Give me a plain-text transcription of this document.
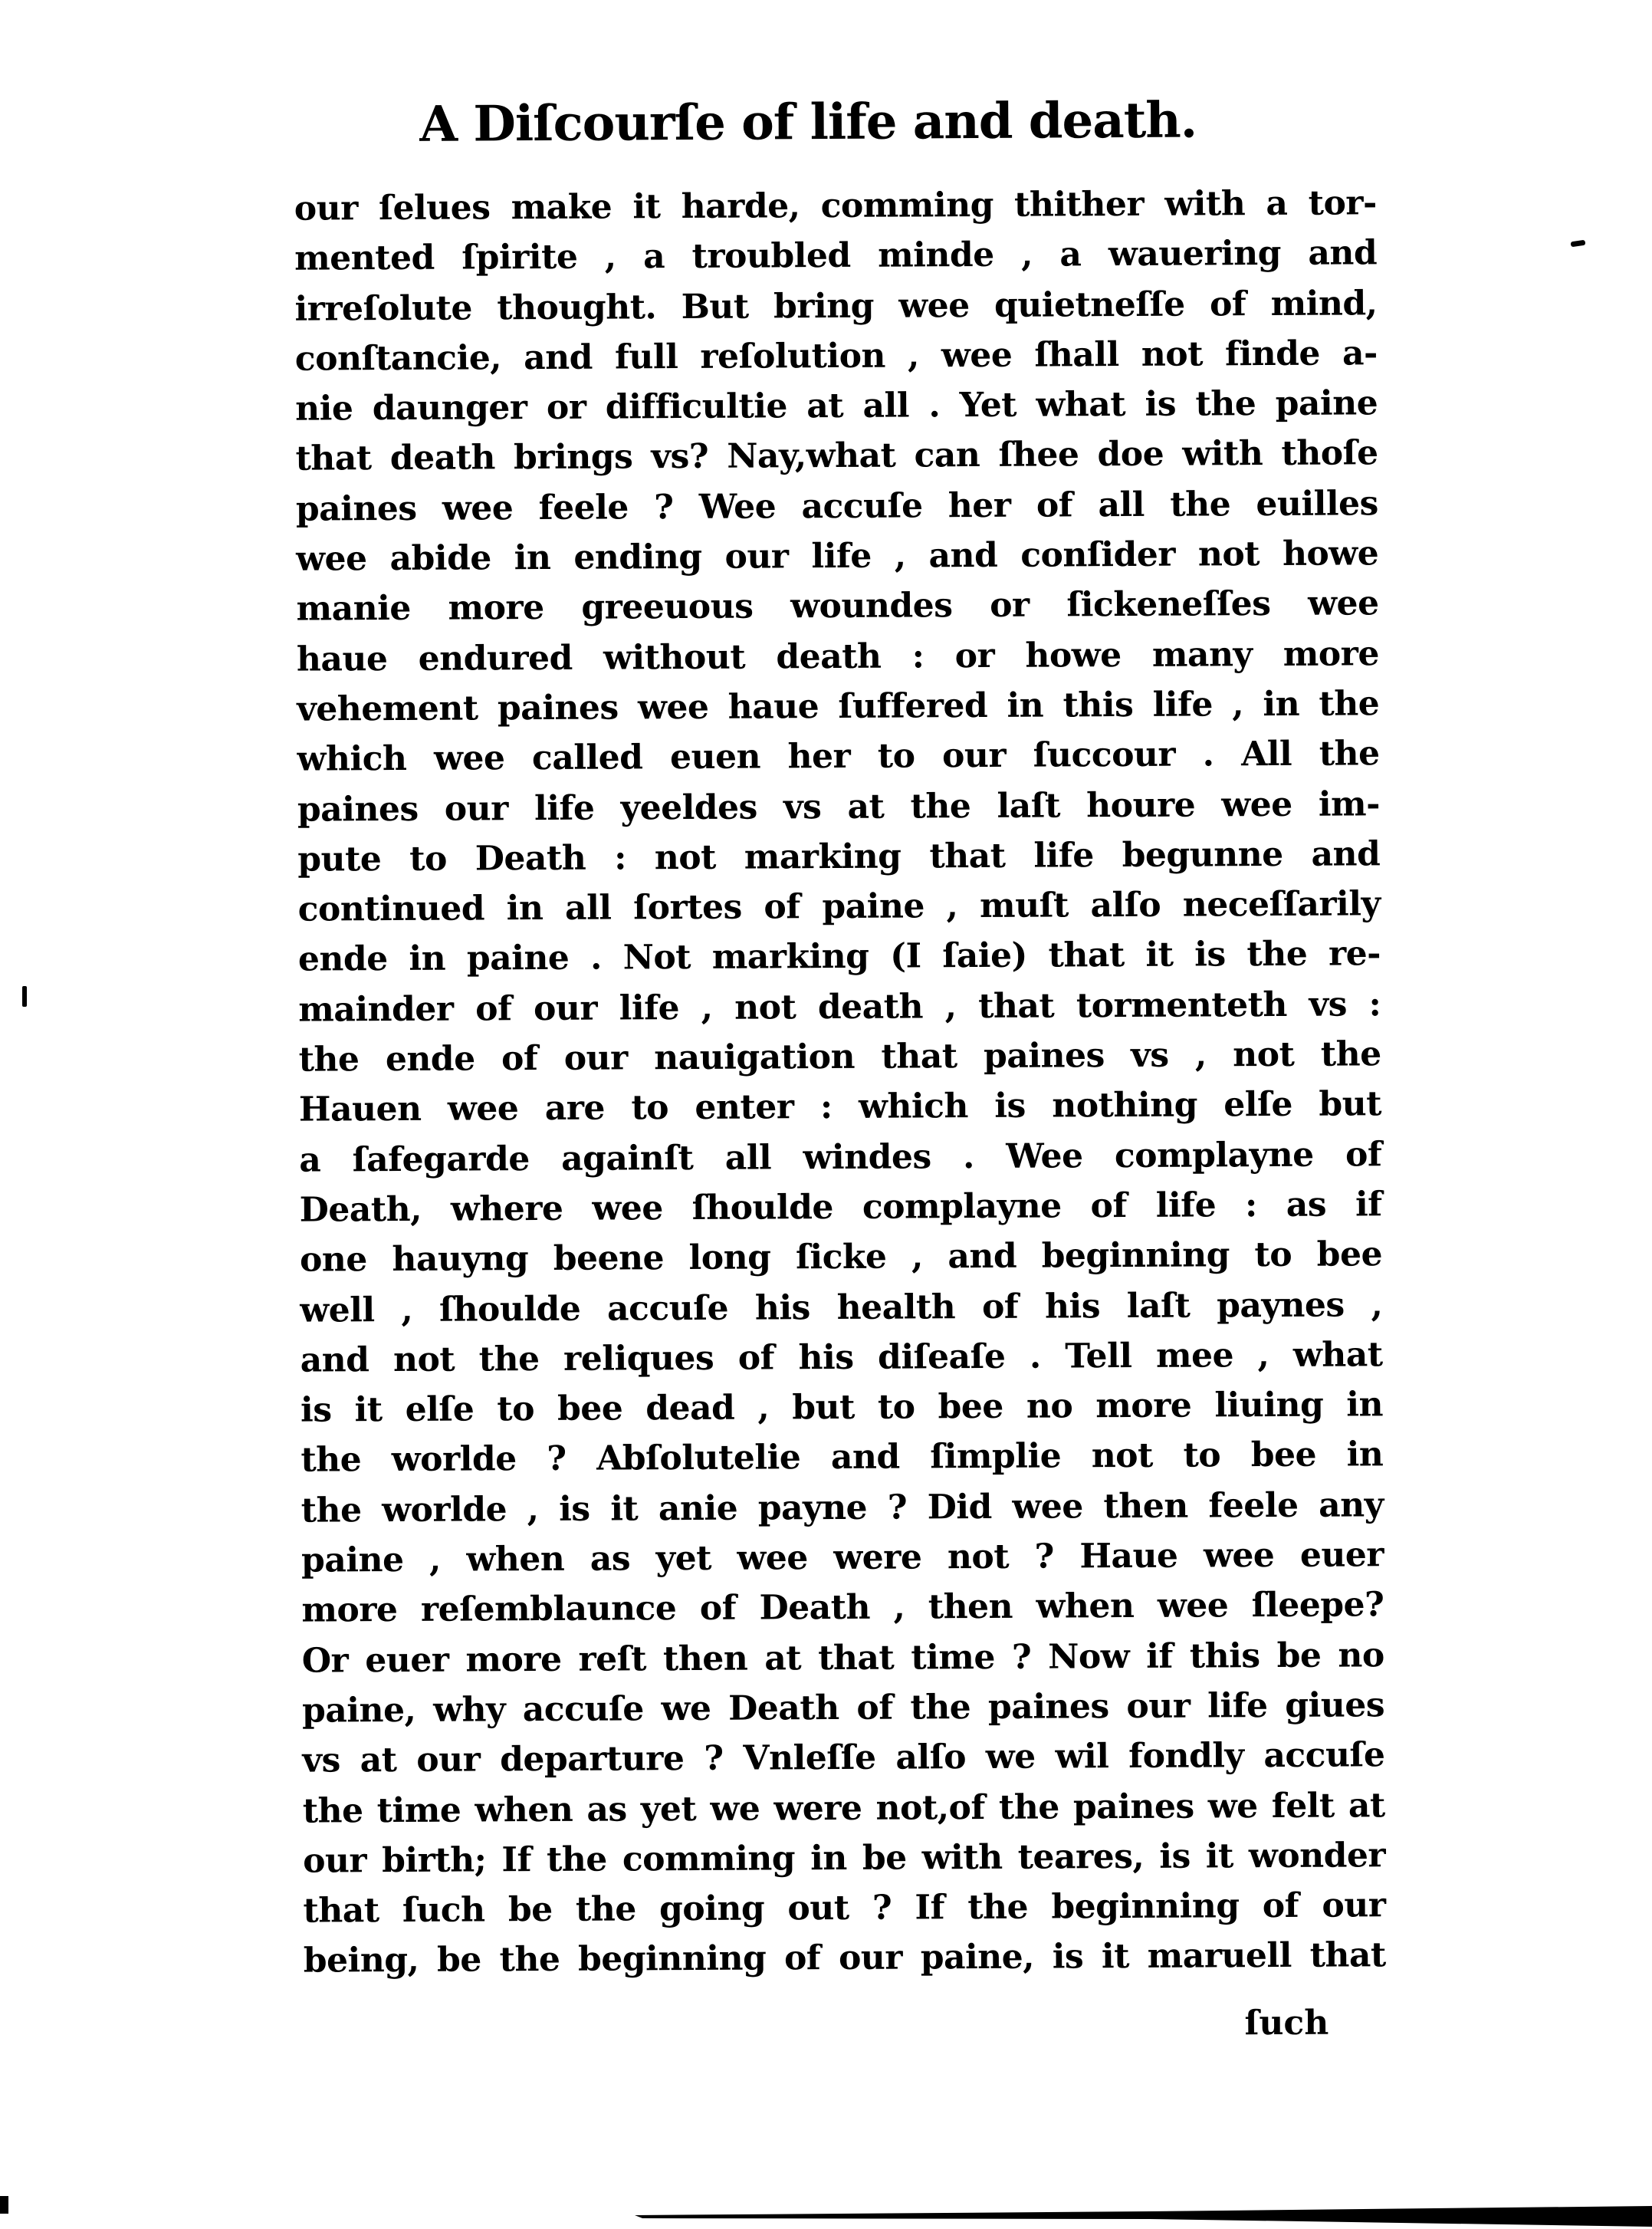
A Diſcourſe of life and death.
our ſelues make it harde, comming thither with a tor-
mented ſpirite , a troubled minde , a wauering and
irreſolute thought. But bring wee quietneſſe of mind,
conſtancie, and full reſolution , wee ſhall not finde a-
nie daunger or difficultie at all . Yet what is the paine
that death brings vs? Nay,what can ſhee doe with thoſe
paines wee feele ? Wee accuſe her of all the euilles
wee abide in ending our life , and conſider not howe
manie more greeuous woundes or ſickeneſſes wee
haue endured without death : or howe many more
vehement paines wee haue ſuffered in this life , in the
which wee called euen her to our ſuccour . All the
paines our life yeeldes vs at the laſt houre wee im-
pute to Death : not marking that life begunne and
continued in all ſortes of paine , muſt alſo neceſſarily
ende in paine . Not marking (I ſaie) that it is the re-
mainder of our life , not death , that tormenteth vs :
the ende of our nauigation that paines vs , not the
Hauen wee are to enter : which is nothing elſe but
a ſafegarde againſt all windes . Wee complayne of
Death, where wee ſhoulde complayne of life : as if
one hauyng beene long ſicke , and beginning to bee
well , ſhoulde accuſe his health of his laſt paynes ,
and not the reliques of his diſeaſe . Tell mee , what
is it elſe to bee dead , but to bee no more liuing in
the worlde ? Abſolutelie and ſimplie not to bee in
the worlde , is it anie payne ? Did wee then feele any
paine , when as yet wee were not ? Haue wee euer
more reſemblaunce of Death , then when wee ſleepe?
Or euer more reſt then at that time ? Now if this be no
paine, why accuſe we Death of the paines our life giues
vs at our departure ? Vnleſſe alſo we wil fondly accuſe
the time when as yet we were not,of the paines we felt at
our birth; If the comming in be with teares, is it wonder
that ſuch be the going out ? If the beginning of our
being, be the beginning of our paine, is it maruell that
ſuch
